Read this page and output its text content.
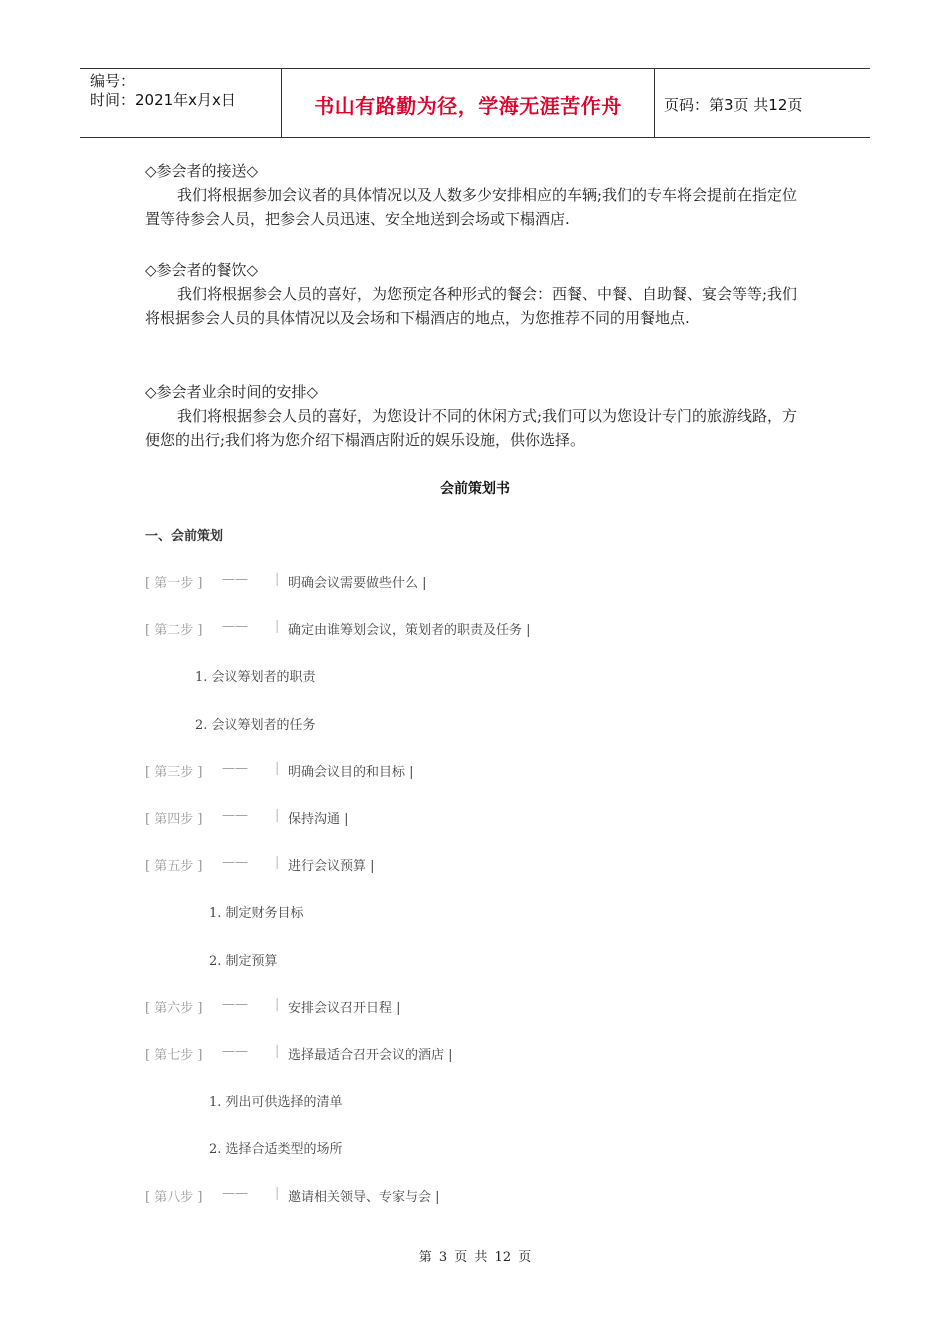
编号：
时间：2021年x月x日	书山有路勤为径，学海无涯苦作舟	页码：第3页 共12页
◇参会者的接送◇

我们将根据参加会议者的具体情况以及人数多少安排相应的车辆;我们的专车将会提前在指定位置等待参会人员，把参会人员迅速、安全地送到会场或下榻酒店.

◇参会者的餐饮◇

我们将根据参会人员的喜好，为您预定各种形式的餐会：西餐、中餐、自助餐、宴会等等;我们将根据参会人员的具体情况以及会场和下榻酒店的地点，为您推荐不同的用餐地点.

◇参会者业余时间的安排◇

我们将根据参会人员的喜好，为您设计不同的休闲方式;我们可以为您设计专门的旅游线路，方便您的出行;我们将为您介绍下榻酒店附近的娱乐设施，供你选择。

会前策划书
一、会前策划
[ 第一步 ] —— | 明确会议需要做些什么 |
[ 第二步 ] —— | 确定由谁筹划会议，策划者的职责及任务 |
1. 会议筹划者的职责
2. 会议筹划者的任务
[ 第三步 ] —— | 明确会议目的和目标 |
[ 第四步 ] —— | 保持沟通 |
[ 第五步 ] —— | 进行会议预算 |
1. 制定财务目标
2. 制定预算
[ 第六步 ] —— | 安排会议召开日程 |
[ 第七步 ] —— | 选择最适合召开会议的酒店 |
1. 列出可供选择的清单
2. 选择合适类型的场所
[ 第八步 ] —— | 邀请相关领导、专家与会 |
第 3 页 共 12 页
